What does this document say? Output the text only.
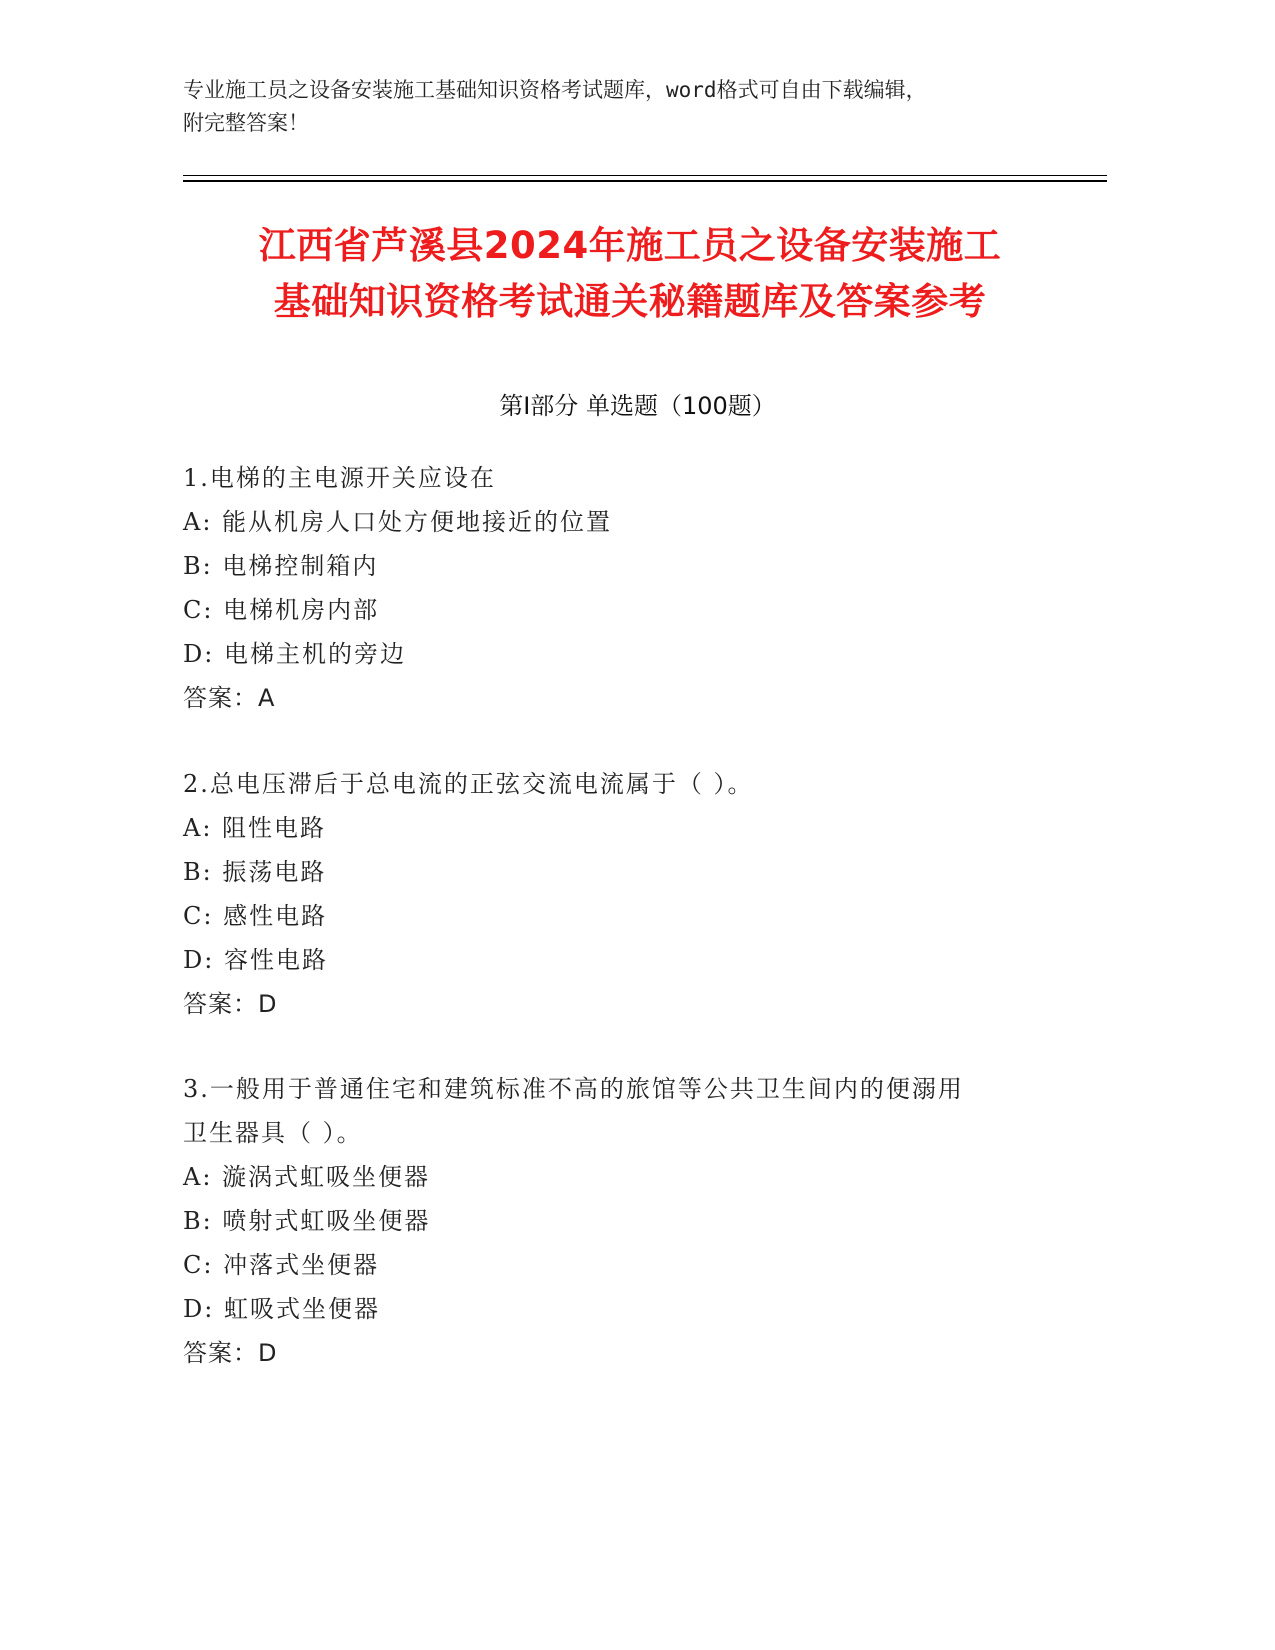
专业施工员之设备安装施工基础知识资格考试题库，word格式可自由下载编辑，
附完整答案！
江西省芦溪县2024年施工员之设备安装施工
基础知识资格考试通关秘籍题库及答案参考
第Ⅰ部分 单选题（100题）
1.电梯的主电源开关应设在
A: 能从机房人口处方便地接近的位置
B: 电梯控制箱内
C: 电梯机房内部
D: 电梯主机的旁边
答案：A
2.总电压滞后于总电流的正弦交流电流属于（ ）。
A: 阻性电路
B: 振荡电路
C: 感性电路
D: 容性电路
答案：D
3.一般用于普通住宅和建筑标准不高的旅馆等公共卫生间内的便溺用
卫生器具（ ）。
A: 漩涡式虹吸坐便器
B: 喷射式虹吸坐便器
C: 冲落式坐便器
D: 虹吸式坐便器
答案：D
